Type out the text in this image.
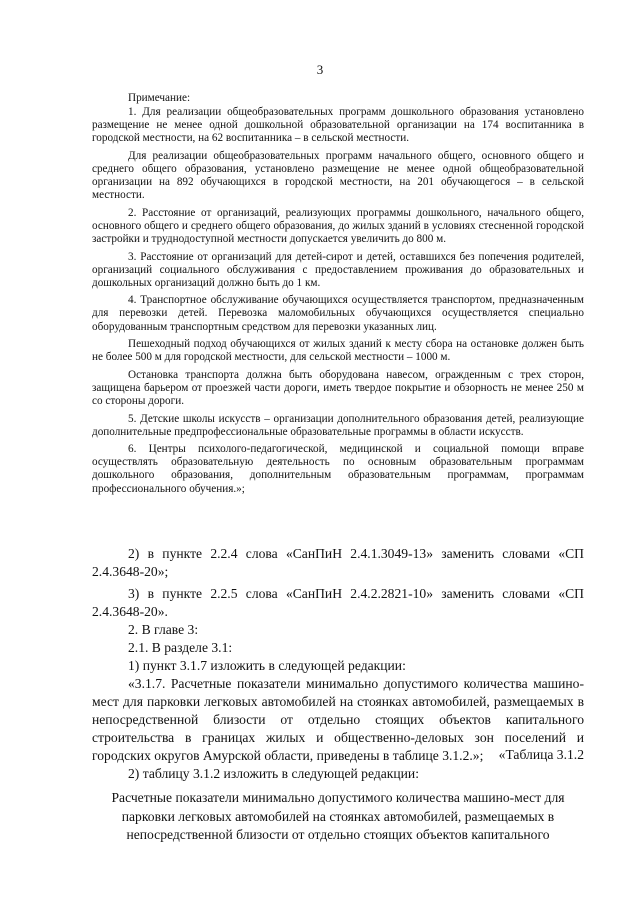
3

Примечание:

1. Для реализации общеобразовательных программ дошкольного образования установлено размещение не менее одной дошкольной образовательной организации на 174 воспитанника в городской местности, на 62 воспитанника – в сельской местности.

Для реализации общеобразовательных программ начального общего, основного общего и среднего общего образования, установлено размещение не менее одной общеобразовательной организации на 892 обучающихся в городской местности, на 201 обучающегося – в сельской местности.

2. Расстояние от организаций, реализующих программы дошкольного, начального общего, основного общего и среднего общего образования, до жилых зданий в условиях стесненной городской застройки и труднодоступной местности допускается увеличить до 800 м.

3. Расстояние от организаций для детей-сирот и детей, оставшихся без попечения родителей, организаций социального обслуживания с предоставлением проживания до образовательных и дошкольных организаций должно быть до 1 км.

4. Транспортное обслуживание обучающихся осуществляется транспортом, предназначенным для перевозки детей. Перевозка маломобильных обучающихся осуществляется специально оборудованным транспортным средством для перевозки указанных лиц.

Пешеходный подход обучающихся от жилых зданий к месту сбора на остановке должен быть не более 500 м для городской местности, для сельской местности – 1000 м.

Остановка транспорта должна быть оборудована навесом, огражденным с трех сторон, защищена барьером от проезжей части дороги, иметь твердое покрытие и обзорность не менее 250 м со стороны дороги.

5. Детские школы искусств – организации дополнительного образования детей, реализующие дополнительные предпрофессиональные образовательные программы в области искусств.

6. Центры психолого-педагогической, медицинской и социальной помощи вправе осуществлять образовательную деятельность по основным образовательным программам дошкольного образования, дополнительным образовательным программам, программам профессионального обучения.»;

2) в пункте 2.2.4 слова «СанПиН 2.4.1.3049-13» заменить словами «СП 2.4.3648-20»;

3) в пункте 2.2.5 слова «СанПиН 2.4.2.2821-10» заменить словами «СП 2.4.3648-20».

2. В главе 3:

2.1. В разделе 3.1:

1) пункт 3.1.7 изложить в следующей редакции:

«3.1.7. Расчетные показатели минимально допустимого количества машино-мест для парковки легковых автомобилей на стоянках автомобилей, размещаемых в непосредственной близости от отдельно стоящих объектов капитального строительства в границах жилых и общественно-деловых зон поселений и городских округов Амурской области, приведены в таблице 3.1.2.»;

2) таблицу 3.1.2 изложить в следующей редакции:

«Таблица 3.1.2
Расчетные показатели минимально допустимого количества машино-мест для парковки легковых автомобилей на стоянках автомобилей, размещаемых в непосредственной близости от отдельно стоящих объектов капитального
